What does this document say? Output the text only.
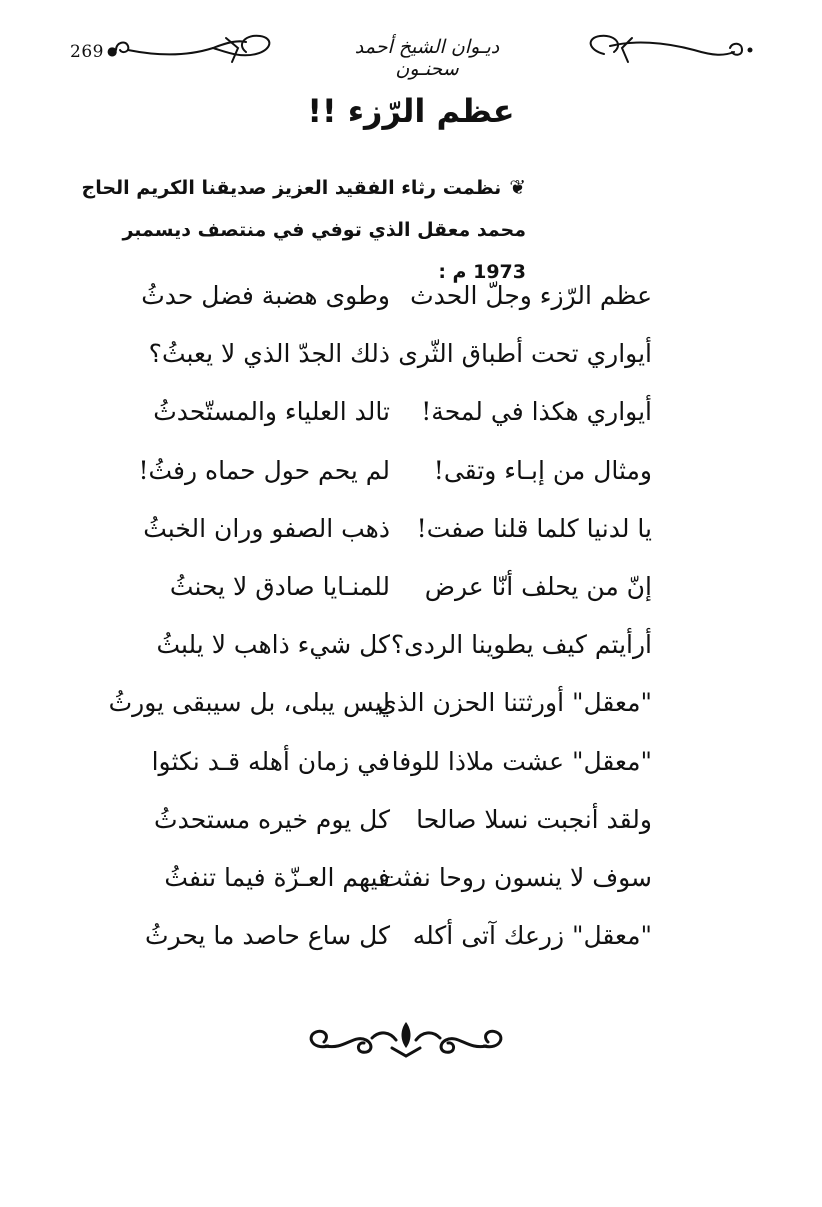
269 ●	ديـوان الشيخ أحمد سحنـون
عظم الرّزء !!
❦نظمت رثاء الفقيد العزيز صديقنا الكريم الحاج محمد معقل الذي توفي في منتصف ديسمبر 1973 م :
عظم الرّزء وجلّ الحدث
وطوى هضبة فضل حدثُ
أيواري تحت أطباق الثّرى
ذلك الجدّ الذي لا يعبثُ؟
أيواري هكذا في لمحة!
تالد العلياء والمستّحدثُ
ومثال من إبـاء وتقى!
لم يحم حول حماه رفثُ!
يا لدنيا كلما قلنا صفت!
ذهب الصفو وران الخبثُ
إنّ من يحلف أنّا عرض
للمنـايا صادق لا يحنثُ
أرأيتم كيف يطوينا الردى؟
كل شيء ذاهب لا يلبثُ
"معقل" أورثتنا الحزن الذي
ليس يبلى، بل سيبقى يورثُ
"معقل" عشت ملاذا للوفا
في زمان أهله قـد نكثوا
ولقد أنجبت نسلا صالحا
كل يوم خيره مستحدثُ
سوف لا ينسون روحا نفثت
فيهم العـزّة فيما تنفثُ
"معقل" زرعك آتى أكله
كل ساع حاصد ما يحرثُ
